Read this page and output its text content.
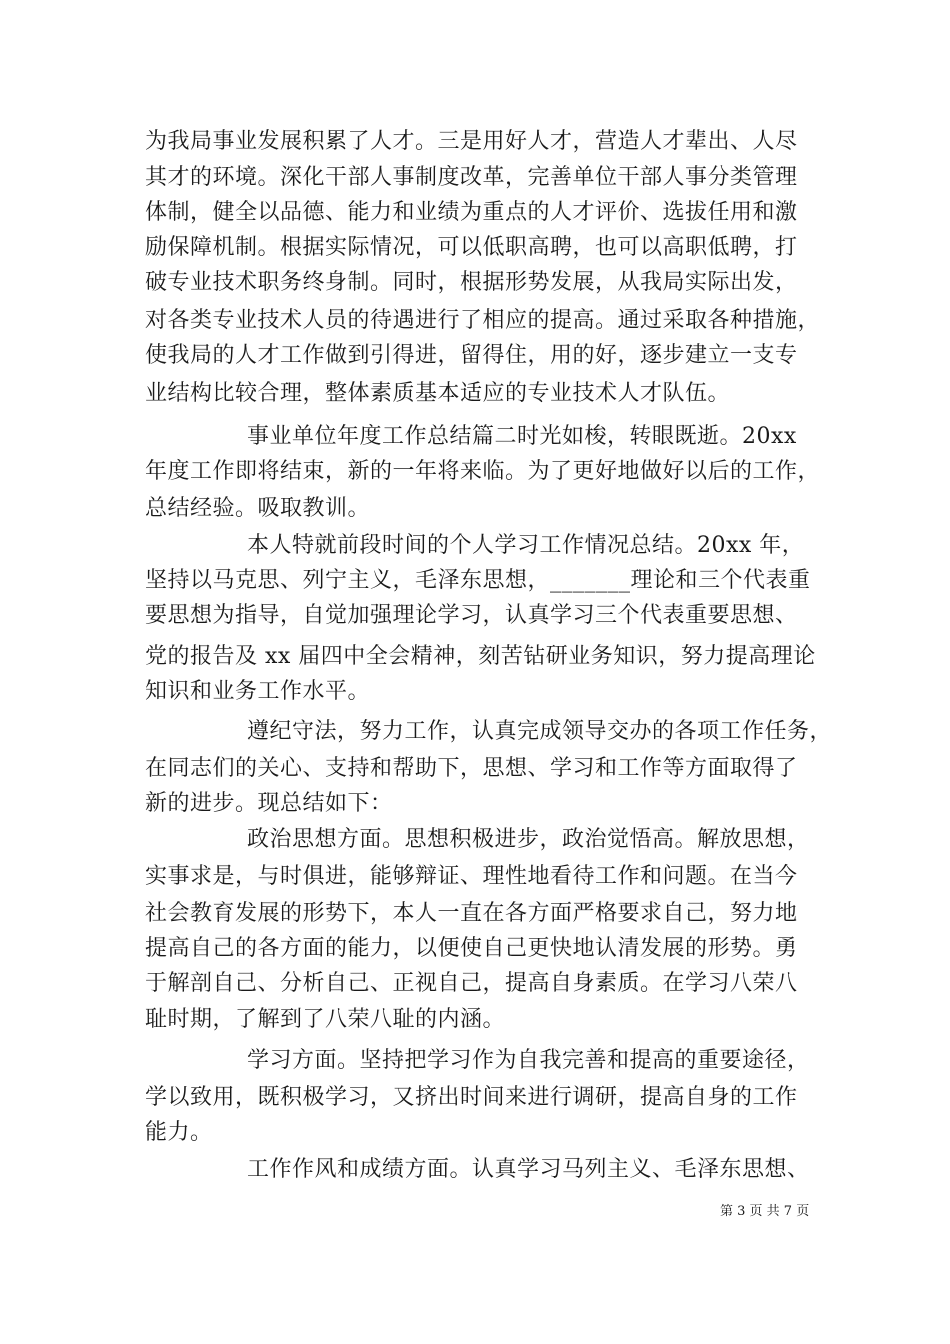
为我局事业发展积累了人才。三是用好人才，营造人才辈出、人尽
其才的环境。深化干部人事制度改革，完善单位干部人事分类管理
体制，健全以品德、能力和业绩为重点的人才评价、选拔任用和激
励保障机制。根据实际情况，可以低职高聘，也可以高职低聘，打
破专业技术职务终身制。同时，根据形势发展，从我局实际出发，
对各类专业技术人员的待遇进行了相应的提高。通过采取各种措施，
使我局的人才工作做到引得进，留得住，用的好，逐步建立一支专
业结构比较合理，整体素质基本适应的专业技术人才队伍。
事业单位年度工作总结篇二时光如梭，转眼既逝。20xx
年度工作即将结束，新的一年将来临。为了更好地做好以后的工作，
总结经验。吸取教训。
本人特就前段时间的个人学习工作情况总结。20xx 年，
坚持以马克思、列宁主义，毛泽东思想，_______理论和三个代表重
要思想为指导，自觉加强理论学习，认真学习三个代表重要思想、
党的报告及 xx 届四中全会精神，刻苦钻研业务知识，努力提高理论
知识和业务工作水平。
遵纪守法，努力工作，认真完成领导交办的各项工作任务，
在同志们的关心、支持和帮助下，思想、学习和工作等方面取得了
新的进步。现总结如下：
政治思想方面。思想积极进步，政治觉悟高。解放思想，
实事求是，与时俱进，能够辩证、理性地看待工作和问题。在当今
社会教育发展的形势下，本人一直在各方面严格要求自己，努力地
提高自己的各方面的能力，以便使自己更快地认清发展的形势。勇
于解剖自己、分析自己、正视自己，提高自身素质。在学习八荣八
耻时期，了解到了八荣八耻的内涵。
学习方面。坚持把学习作为自我完善和提高的重要途径，
学以致用，既积极学习，又挤出时间来进行调研，提高自身的工作
能力。
工作作风和成绩方面。认真学习马列主义、毛泽东思想、
第 3 页 共 7 页
